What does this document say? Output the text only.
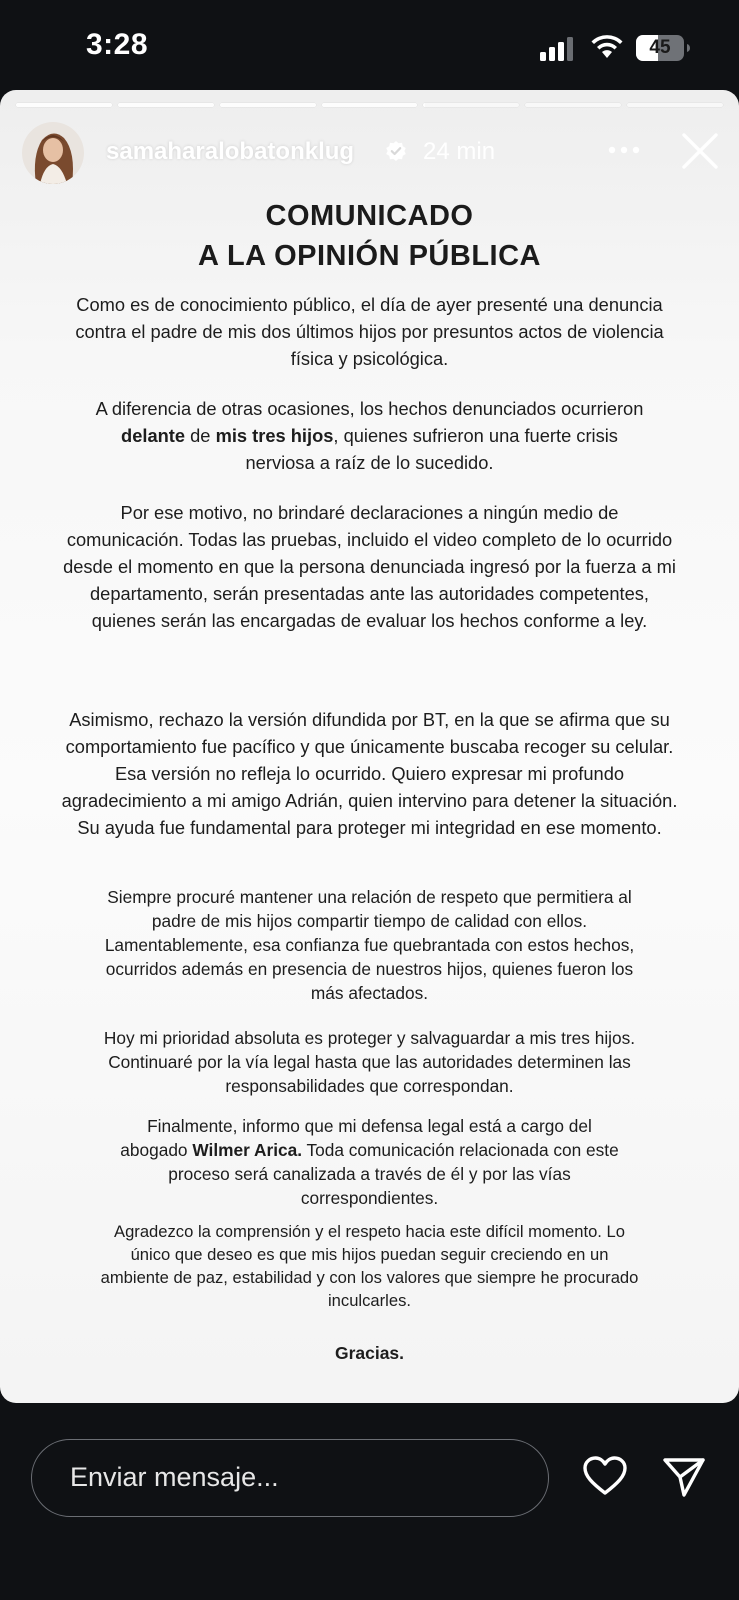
3:28	45
samaharalobatonklug	24 min
COMUNICADO
A LA OPINIÓN PÚBLICA

Como es de conocimiento público, el día de ayer presenté una denuncia contra el padre de mis dos últimos hijos por presuntos actos de violencia física y psicológica.

A diferencia de otras ocasiones, los hechos denunciados ocurrieron delante de mis tres hijos, quienes sufrieron una fuerte crisis nerviosa a raíz de lo sucedido.

Por ese motivo, no brindaré declaraciones a ningún medio de comunicación. Todas las pruebas, incluido el video completo de lo ocurrido desde el momento en que la persona denunciada ingresó por la fuerza a mi departamento, serán presentadas ante las autoridades competentes, quienes serán las encargadas de evaluar los hechos conforme a ley.

Asimismo, rechazo la versión difundida por BT, en la que se afirma que su comportamiento fue pacífico y que únicamente buscaba recoger su celular. Esa versión no refleja lo ocurrido. Quiero expresar mi profundo agradecimiento a mi amigo Adrián, quien intervino para detener la situación. Su ayuda fue fundamental para proteger mi integridad en ese momento.

Siempre procuré mantener una relación de respeto que permitiera al padre de mis hijos compartir tiempo de calidad con ellos. Lamentablemente, esa confianza fue quebrantada con estos hechos, ocurridos además en presencia de nuestros hijos, quienes fueron los más afectados.

Hoy mi prioridad absoluta es proteger y salvaguardar a mis tres hijos. Continuaré por la vía legal hasta que las autoridades determinen las responsabilidades que correspondan.

Finalmente, informo que mi defensa legal está a cargo del abogado Wilmer Arica. Toda comunicación relacionada con este proceso será canalizada a través de él y por las vías correspondientes.

Agradezco la comprensión y el respeto hacia este difícil momento. Lo único que deseo es que mis hijos puedan seguir creciendo en un ambiente de paz, estabilidad y con los valores que siempre he procurado inculcarles.

Gracias.
Enviar mensaje...
